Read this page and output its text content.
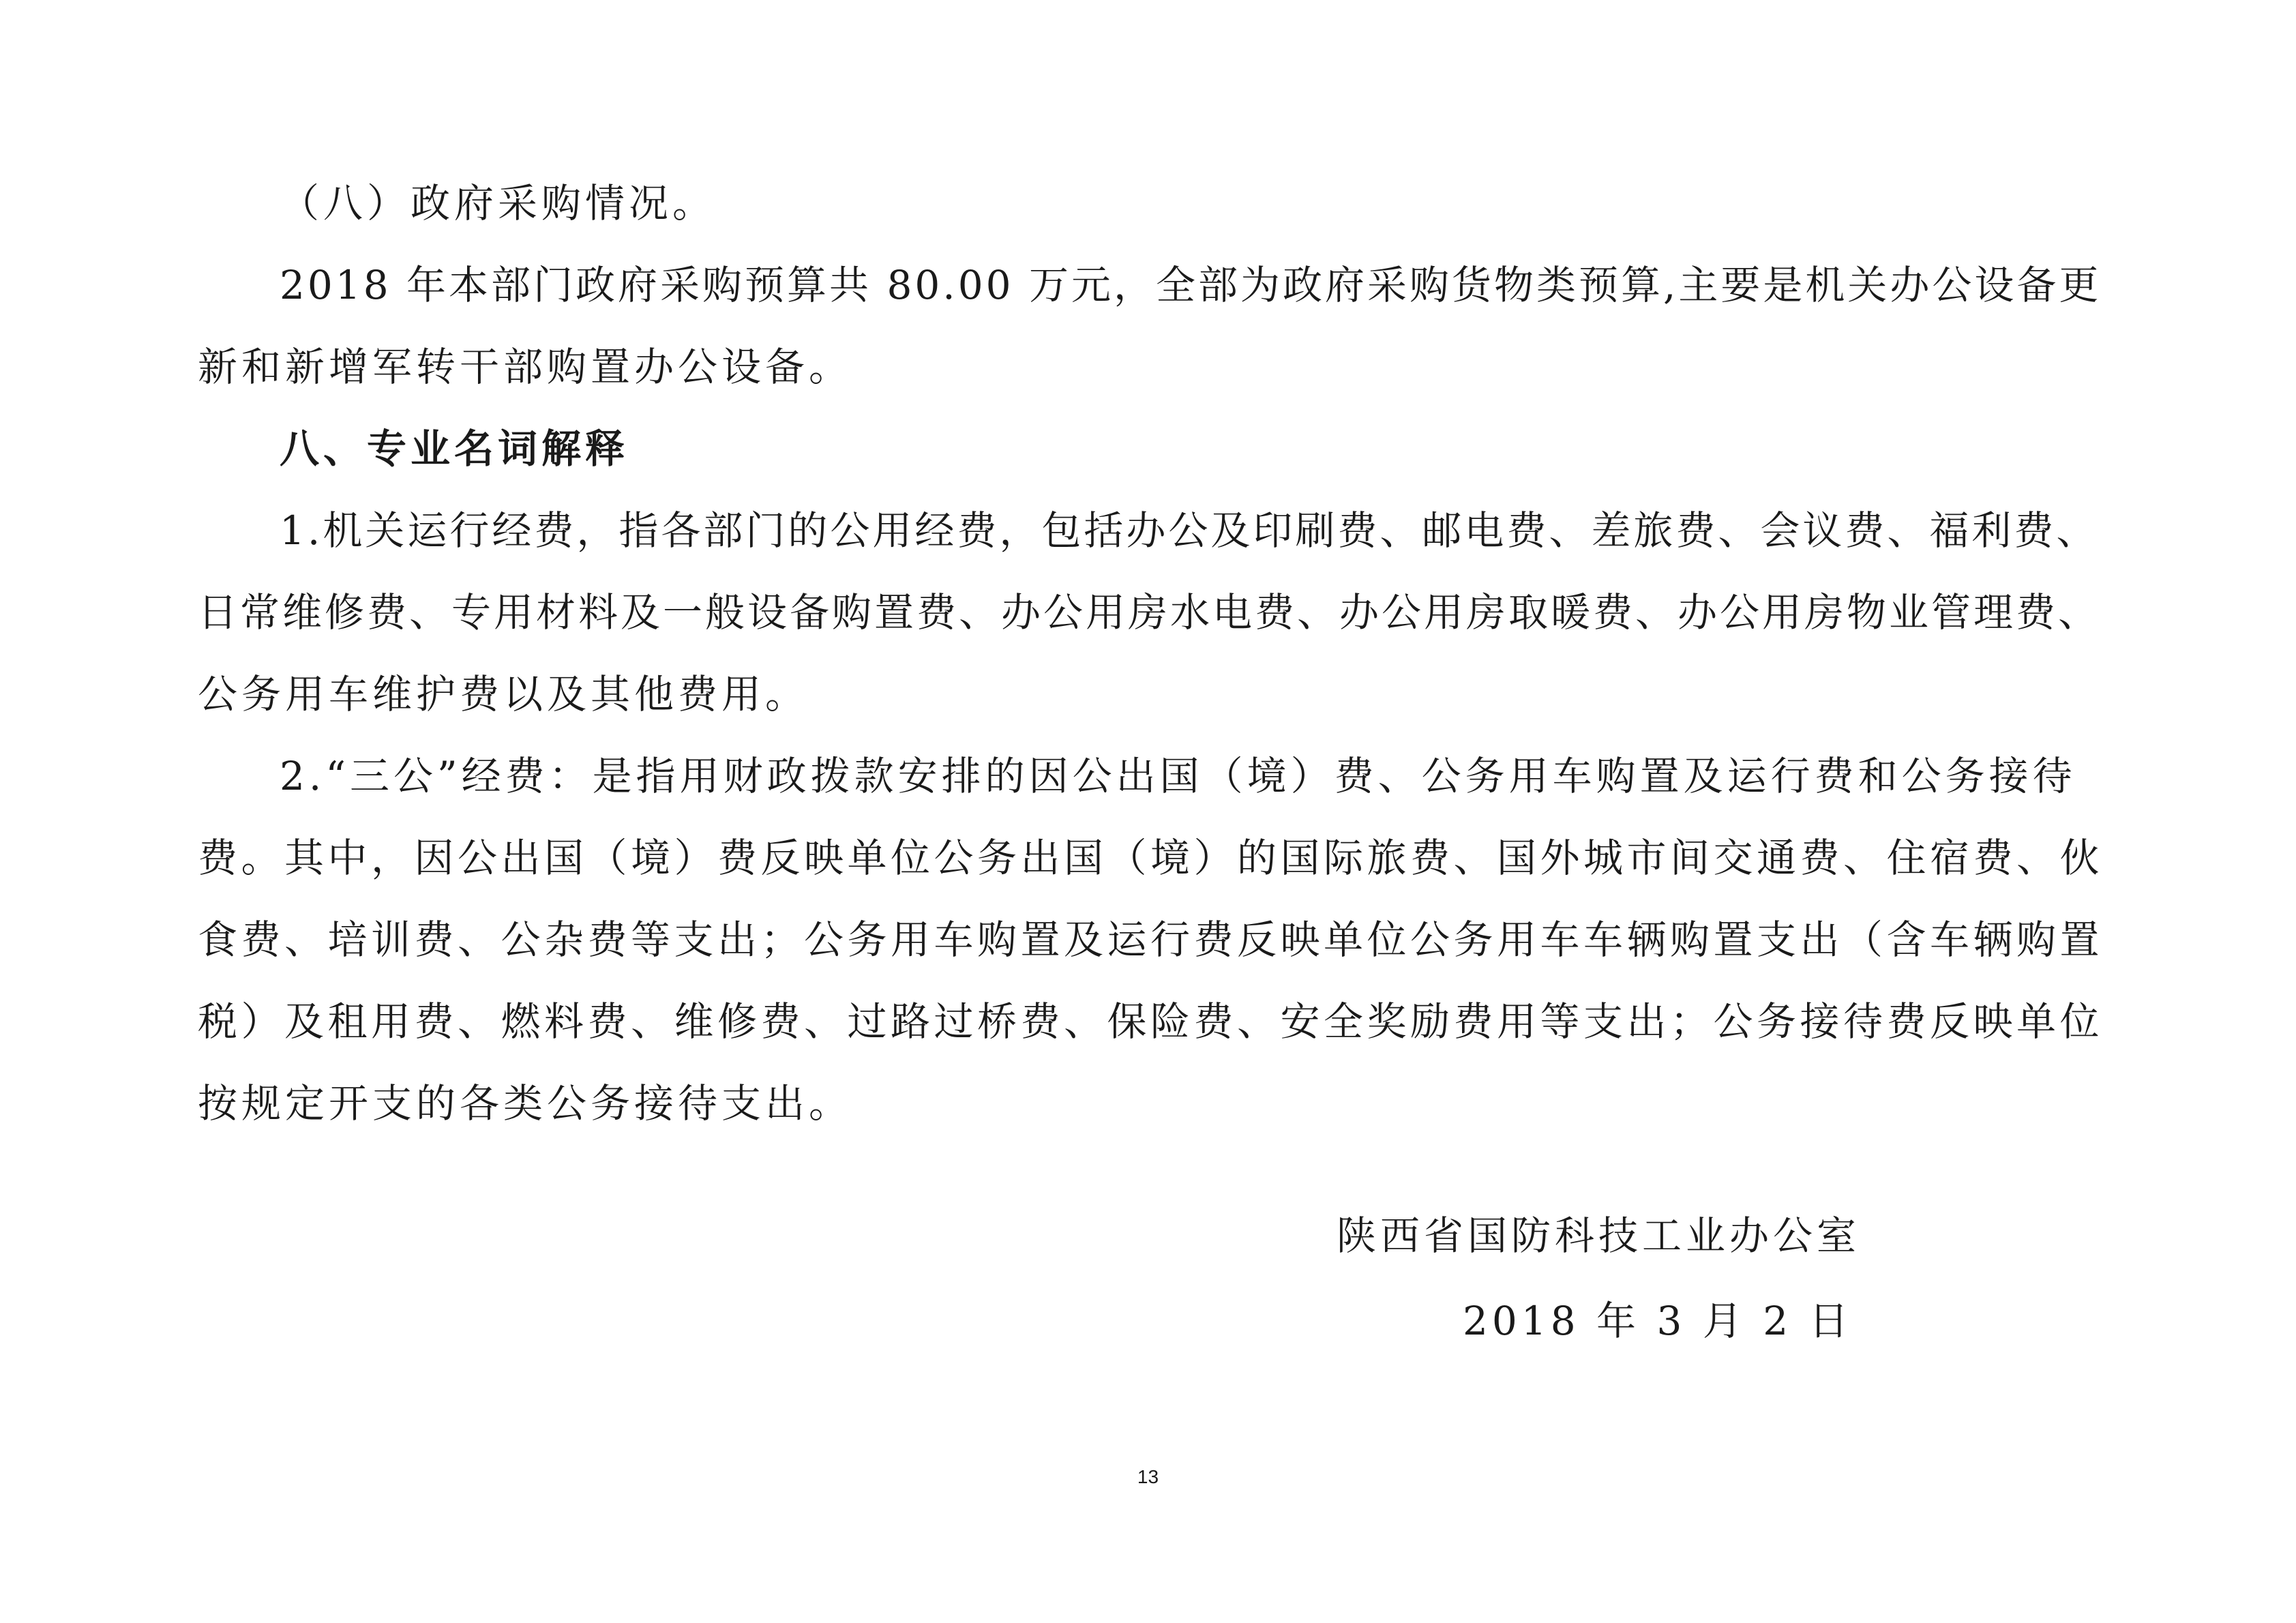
（八）政府采购情况。

2018 年本部门政府采购预算共 80.00 万元，全部为政府采购货物类预算,主要是机关办公设备更

新和新增军转干部购置办公设备。

八、专业名词解释

1.机关运行经费，指各部门的公用经费，包括办公及印刷费、邮电费、差旅费、会议费、福利费、

日常维修费、专用材料及一般设备购置费、办公用房水电费、办公用房取暖费、办公用房物业管理费、

公务用车维护费以及其他费用。

2.“三公”经费：是指用财政拨款安排的因公出国（境）费、公务用车购置及运行费和公务接待

费。其中，因公出国（境）费反映单位公务出国（境）的国际旅费、国外城市间交通费、住宿费、伙

食费、培训费、公杂费等支出；公务用车购置及运行费反映单位公务用车车辆购置支出（含车辆购置

税）及租用费、燃料费、维修费、过路过桥费、保险费、安全奖励费用等支出；公务接待费反映单位

按规定开支的各类公务接待支出。

陕西省国防科技工业办公室
2018 年 3 月 2 日
13
